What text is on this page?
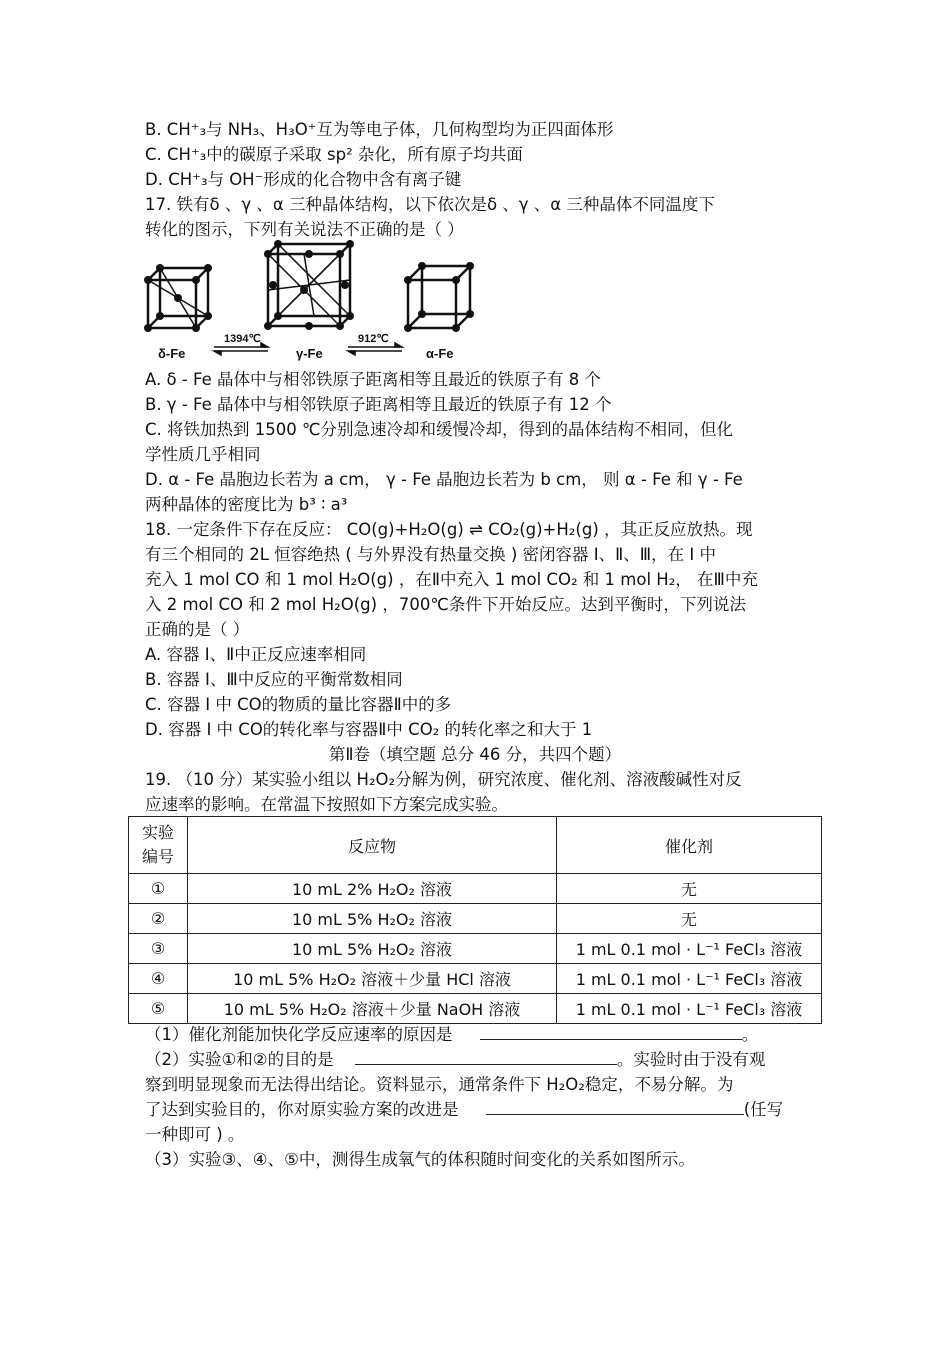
B. CH⁺₃与 NH₃、H₃O⁺互为等电子体，几何构型均为正四面体形
C. CH⁺₃中的碳原子采取 sp² 杂化，所有原子均共面
D. CH⁺₃与 OH⁻形成的化合物中含有离子键
17. 铁有δ 、γ 、α 三种晶体结构，以下依次是δ 、γ 、α 三种晶体不同温度下
转化的图示，下列有关说法不正确的是（ ）
δ-Fe
1394℃
γ-Fe
912℃
α-Fe
A. δ - Fe 晶体中与相邻铁原子距离相等且最近的铁原子有 8 个
B. γ - Fe 晶体中与相邻铁原子距离相等且最近的铁原子有 12 个
C. 将铁加热到 1500 ℃分别急速冷却和缓慢冷却，得到的晶体结构不相同，但化
学性质几乎相同
D. α - Fe 晶胞边长若为 a cm， γ - Fe 晶胞边长若为 b cm， 则 α - Fe 和 γ - Fe
两种晶体的密度比为 b³ ∶ a³
18. 一定条件下存在反应： CO(g)+H₂O(g) ⇌ CO₂(g)+H₂(g) ，其正反应放热。现
有三个相同的 2L 恒容绝热 ( 与外界没有热量交换 ) 密闭容器 Ⅰ、Ⅱ、Ⅲ，在 Ⅰ 中
充入 1 mol CO 和 1 mol H₂O(g) ，在Ⅱ中充入 1 mol CO₂ 和 1 mol H₂， 在Ⅲ中充
入 2 mol CO 和 2 mol H₂O(g) ，700℃条件下开始反应。达到平衡时，下列说法
正确的是（ ）
A. 容器 Ⅰ、Ⅱ中正反应速率相同
B. 容器 Ⅰ、Ⅲ中反应的平衡常数相同
C. 容器 Ⅰ 中 CO的物质的量比容器Ⅱ中的多
D. 容器 Ⅰ 中 CO的转化率与容器Ⅱ中 CO₂ 的转化率之和大于 1
第Ⅱ卷（填空题 总分 46 分，共四个题）
19. （10 分）某实验小组以 H₂O₂分解为例，研究浓度、催化剂、溶液酸碱性对反
应速率的影响。在常温下按照如下方案完成实验。
实验
编号	反应物	催化剂
①	10 mL 2% H₂O₂ 溶液	无
②	10 mL 5% H₂O₂ 溶液	无
③	10 mL 5% H₂O₂ 溶液	1 mL 0.1 mol · L⁻¹ FeCl₃ 溶液
④	10 mL 5% H₂O₂ 溶液＋少量 HCl 溶液	1 mL 0.1 mol · L⁻¹ FeCl₃ 溶液
⑤	10 mL 5% H₂O₂ 溶液＋少量 NaOH 溶液	1 mL 0.1 mol · L⁻¹ FeCl₃ 溶液
（1）催化剂能加快化学反应速率的原因是	。
（2）实验①和②的目的是	。实验时由于没有观
察到明显现象而无法得出结论。资料显示，通常条件下 H₂O₂稳定，不易分解。为
了达到实验目的，你对原实验方案的改进是	(任写
一种即可 ) 。
（3）实验③、④、⑤中，测得生成氧气的体积随时间变化的关系如图所示。
